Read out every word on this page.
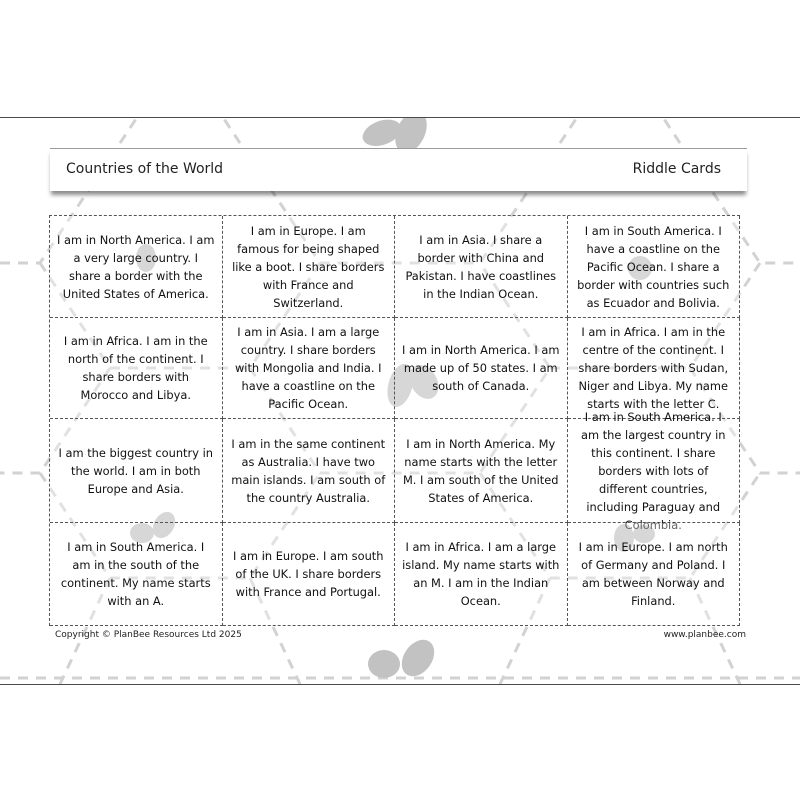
Countries of the World	Riddle Cards
I am in North America. I am a very large country. I share a border with the United States of America.
I am in Europe. I am famous for being shaped like a boot. I share borders with France and Switzerland.
I am in Asia. I share a border with China and Pakistan. I have coastlines in the Indian Ocean.
I am in South America. I have a coastline on the Pacific Ocean. I share a border with countries such as Ecuador and Bolivia.
I am in Africa. I am in the north of the continent. I share borders with Morocco and Libya.
I am in Asia. I am a large country. I share borders with Mongolia and India. I have a coastline on the Pacific Ocean.
I am in North America. I am made up of 50 states. I am south of Canada.
I am in Africa. I am in the centre of the continent. I share borders with Sudan, Niger and Libya. My name starts with the letter C.
I am the biggest country in the world. I am in both Europe and Asia.
I am in the same continent as Australia. I have two main islands. I am south of the country Australia.
I am in North America. My name starts with the letter M. I am south of the United States of America.
I am in South America. I am the largest country in this continent. I share borders with lots of different countries, including Paraguay and Colombia.
I am in South America. I am in the south of the continent. My name starts with an A.
I am in Europe. I am south of the UK. I share borders with France and Portugal.
I am in Africa. I am a large island. My name starts with an M. I am in the Indian Ocean.
I am in Europe. I am north of Germany and Poland. I am between Norway and Finland.
Copyright © PlanBee Resources Ltd 2025	www.planbee.com
